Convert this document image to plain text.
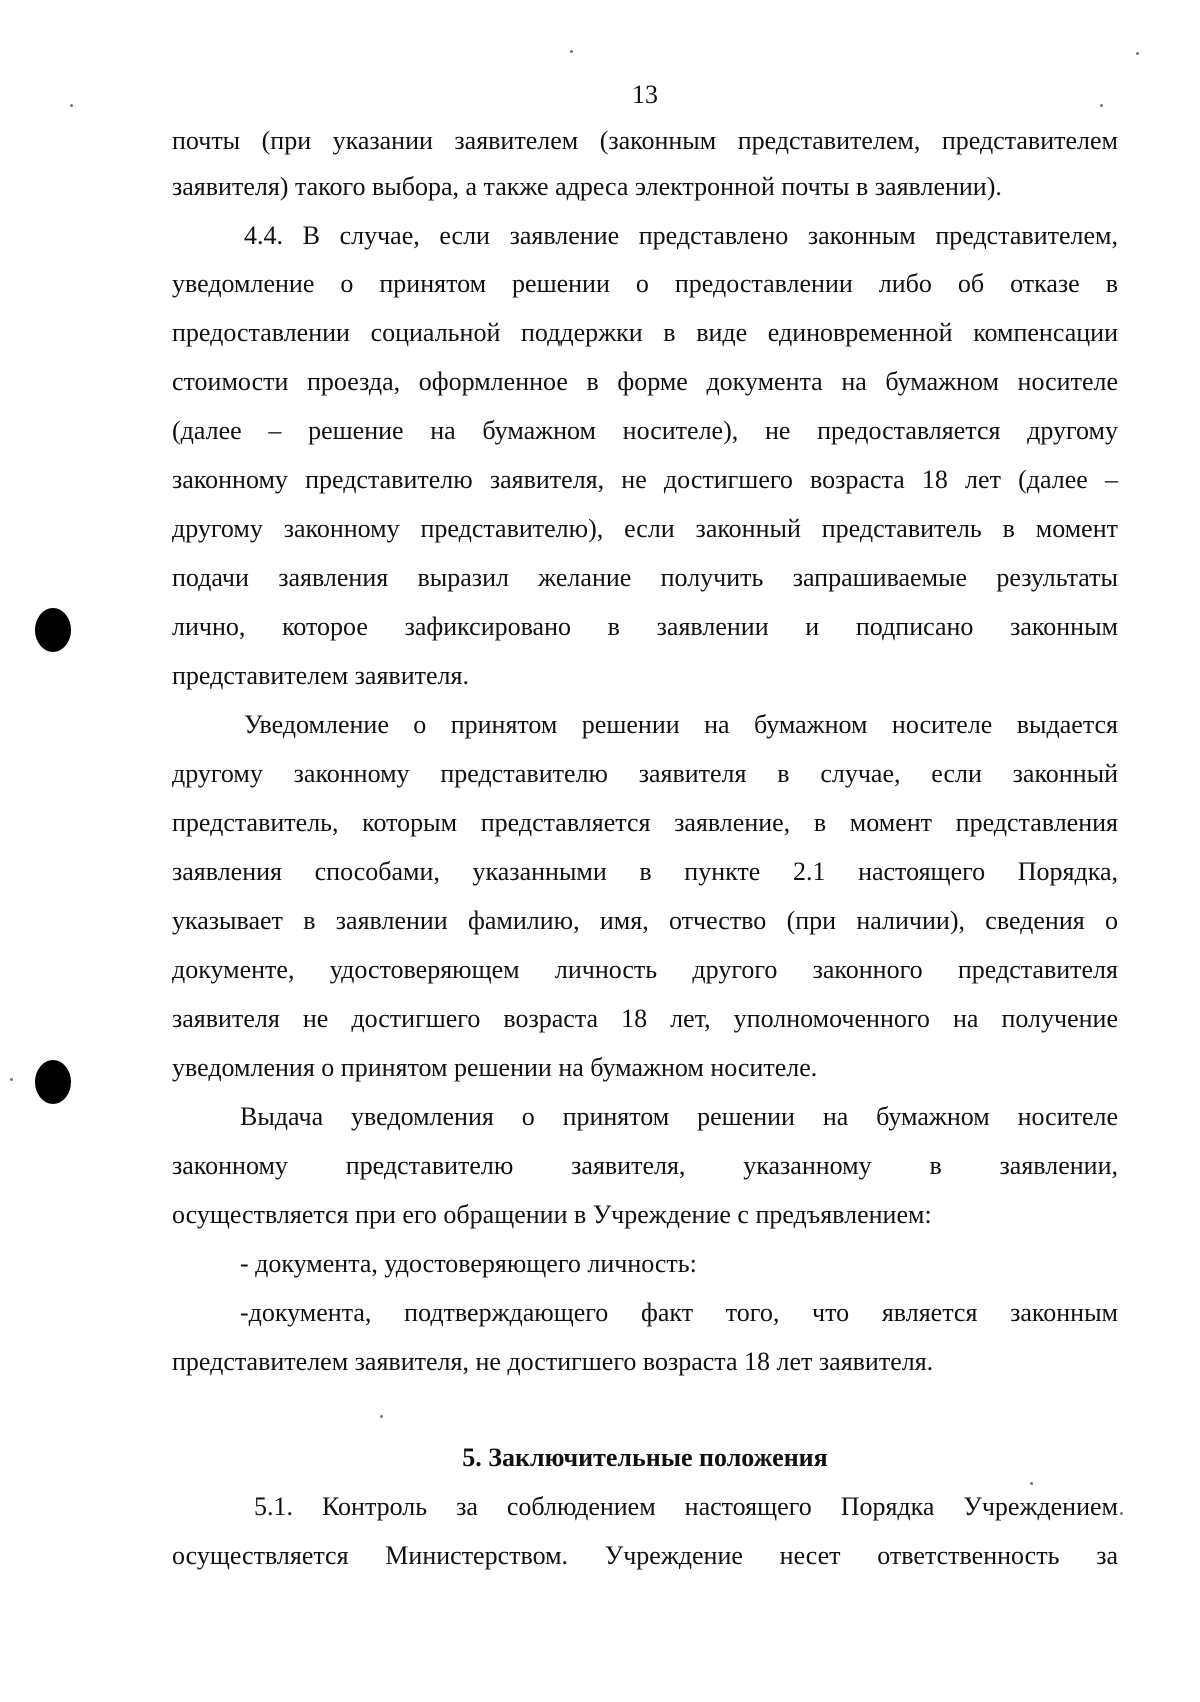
13
почты (при указании заявителем (законным представителем, представителем
заявителя) такого выбора, а также адреса электронной почты в заявлении).
4.4. В случае, если заявление представлено законным представителем,
уведомление о принятом решении о предоставлении либо об отказе в
предоставлении социальной поддержки в виде единовременной компенсации
стоимости проезда, оформленное в форме документа на бумажном носителе
(далее – решение на бумажном носителе), не предоставляется другому
законному представителю заявителя, не достигшего возраста 18 лет (далее –
другому законному представителю), если законный представитель в момент
подачи заявления выразил желание получить запрашиваемые результаты
лично, которое зафиксировано в заявлении и подписано законным
представителем заявителя.
Уведомление о принятом решении на бумажном носителе выдается
другому законному представителю заявителя в случае, если законный
представитель, которым представляется заявление, в момент представления
заявления способами, указанными в пункте 2.1 настоящего Порядка,
указывает в заявлении фамилию, имя, отчество (при наличии), сведения о
документе, удостоверяющем личность другого законного представителя
заявителя не достигшего возраста 18 лет, уполномоченного на получение
уведомления о принятом решении на бумажном носителе.
Выдача уведомления о принятом решении на бумажном носителе
законному представителю заявителя, указанному в заявлении,
осуществляется при его обращении в Учреждение с предъявлением:
- документа, удостоверяющего личность:
-документа, подтверждающего факт того, что является законным
представителем заявителя, не достигшего возраста 18 лет заявителя.
5. Заключительные положения
5.1. Контроль за соблюдением настоящего Порядка Учреждением
осуществляется Министерством. Учреждение несет ответственность за
